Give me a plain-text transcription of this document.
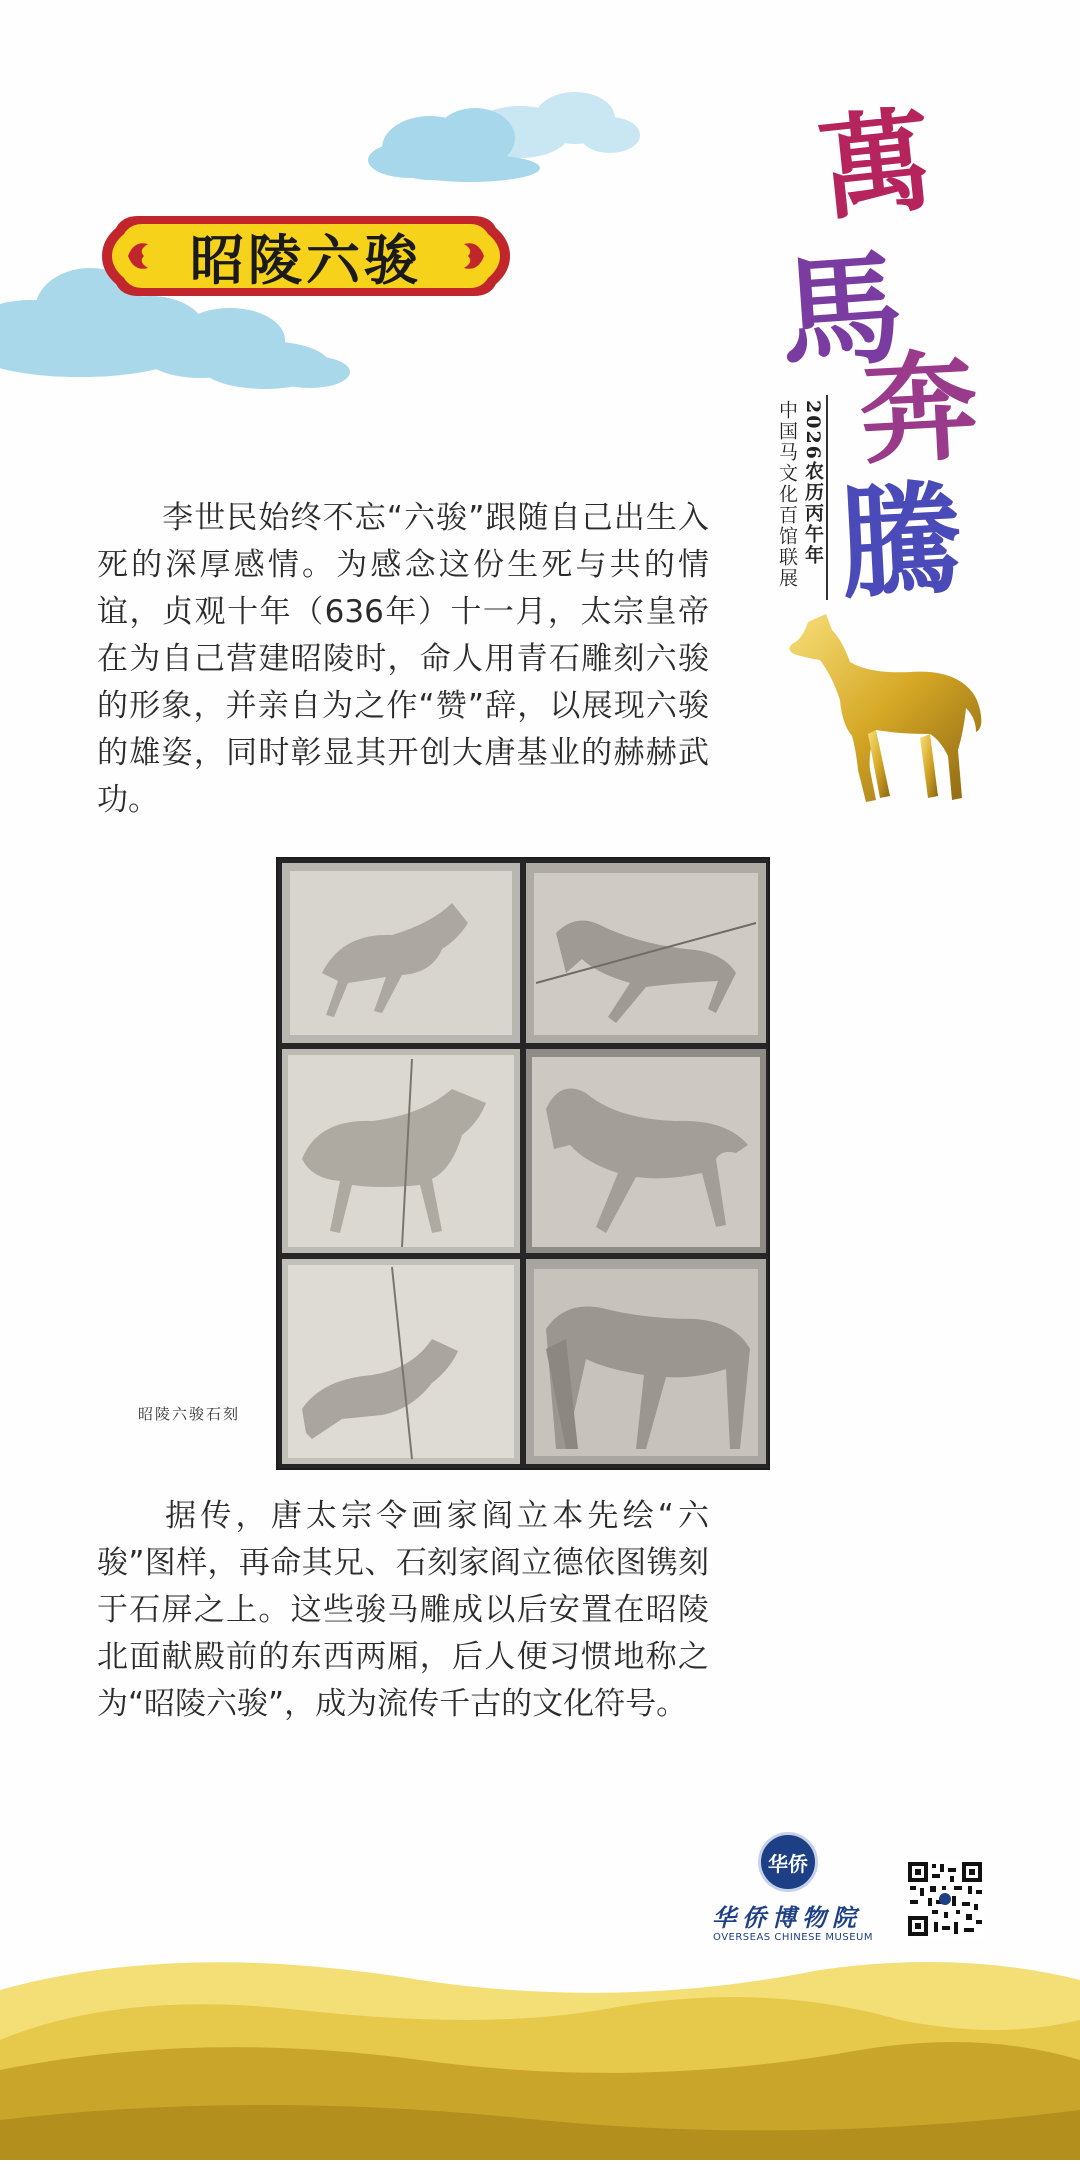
昭陵六骏
萬
馬
奔
騰
2026农历丙午年
中国马文化百馆联展
李世民始终不忘“六骏”跟随自己出生入死的深厚感情。为感念这份生死与共的情谊，贞观十年（636年）十一月，太宗皇帝在为自己营建昭陵时，命人用青石雕刻六骏的形象，并亲自为之作“赞”辞，以展现六骏的雄姿，同时彰显其开创大唐基业的赫赫武功。
昭陵六骏石刻
据传，唐太宗令画家阎立本先绘“六骏”图样，再命其兄、石刻家阎立德依图镌刻于石屏之上。这些骏马雕成以后安置在昭陵北面献殿前的东西两厢，后人便习惯地称之为“昭陵六骏”，成为流传千古的文化符号。
华侨
华侨博物院
OVERSEAS CHINESE MUSEUM
